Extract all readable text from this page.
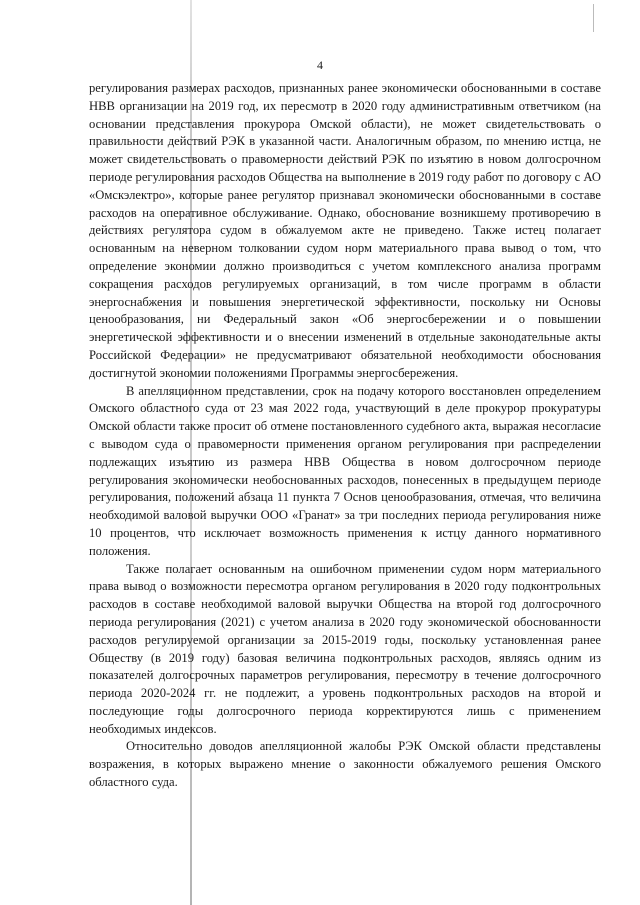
4

регулирования размерах расходов, признанных ранее экономически обоснованными в составе НВВ организации на 2019 год, их пересмотр в 2020 году административным ответчиком (на основании представления прокурора Омской области), не может свидетельствовать о правильности действий РЭК в указанной части. Аналогичным образом, по мнению истца, не может свидетельствовать о правомерности действий РЭК по изъятию в новом долгосрочном периоде регулирования расходов Общества на выполнение в 2019 году работ по договору с АО «Омскэлектро», которые ранее регулятор признавал экономически обоснованными в составе расходов на оперативное обслуживание. Однако, обоснование возникшему противоречию в действиях регулятора судом в обжалуемом акте не приведено. Также истец полагает основанным на неверном толковании судом норм материального права вывод о том, что определение экономии должно производиться с учетом комплексного анализа программ сокращения расходов регулируемых организаций, в том числе программ в области энергоснабжения и повышения энергетической эффективности, поскольку ни Основы ценообразования, ни Федеральный закон «Об энергосбережении и о повышении энергетической эффективности и о внесении изменений в отдельные законодательные акты Российской Федерации» не предусматривают обязательной необходимости обоснования достигнутой экономии положениями Программы энергосбережения.

В апелляционном представлении, срок на подачу которого восстановлен определением Омского областного суда от 23 мая 2022 года, участвующий в деле прокурор прокуратуры Омской области также просит об отмене постановленного судебного акта, выражая несогласие с выводом суда о правомерности применения органом регулирования при распределении подлежащих изъятию из размера НВВ Общества в новом долгосрочном периоде регулирования экономически необоснованных расходов, понесенных в предыдущем периоде регулирования, положений абзаца 11 пункта 7 Основ ценообразования, отмечая, что величина необходимой валовой выручки ООО «Гранат» за три последних периода регулирования ниже 10 процентов, что исключает возможность применения к истцу данного нормативного положения.

Также полагает основанным на ошибочном применении судом норм материального права вывод о возможности пересмотра органом регулирования в 2020 году подконтрольных расходов в составе необходимой валовой выручки Общества на второй год долгосрочного периода регулирования (2021) с учетом анализа в 2020 году экономической обоснованности расходов регулируемой организации за 2015-2019 годы, поскольку установленная ранее Обществу (в 2019 году) базовая величина подконтрольных расходов, являясь одним из показателей долгосрочных параметров регулирования, пересмотру в течение долгосрочного периода 2020-2024 гг. не подлежит, а уровень подконтрольных расходов на второй и последующие годы долгосрочного периода корректируются лишь с применением необходимых индексов.

Относительно доводов апелляционной жалобы РЭК Омской области представлены возражения, в которых выражено мнение о законности обжалуемого решения Омского областного суда.
